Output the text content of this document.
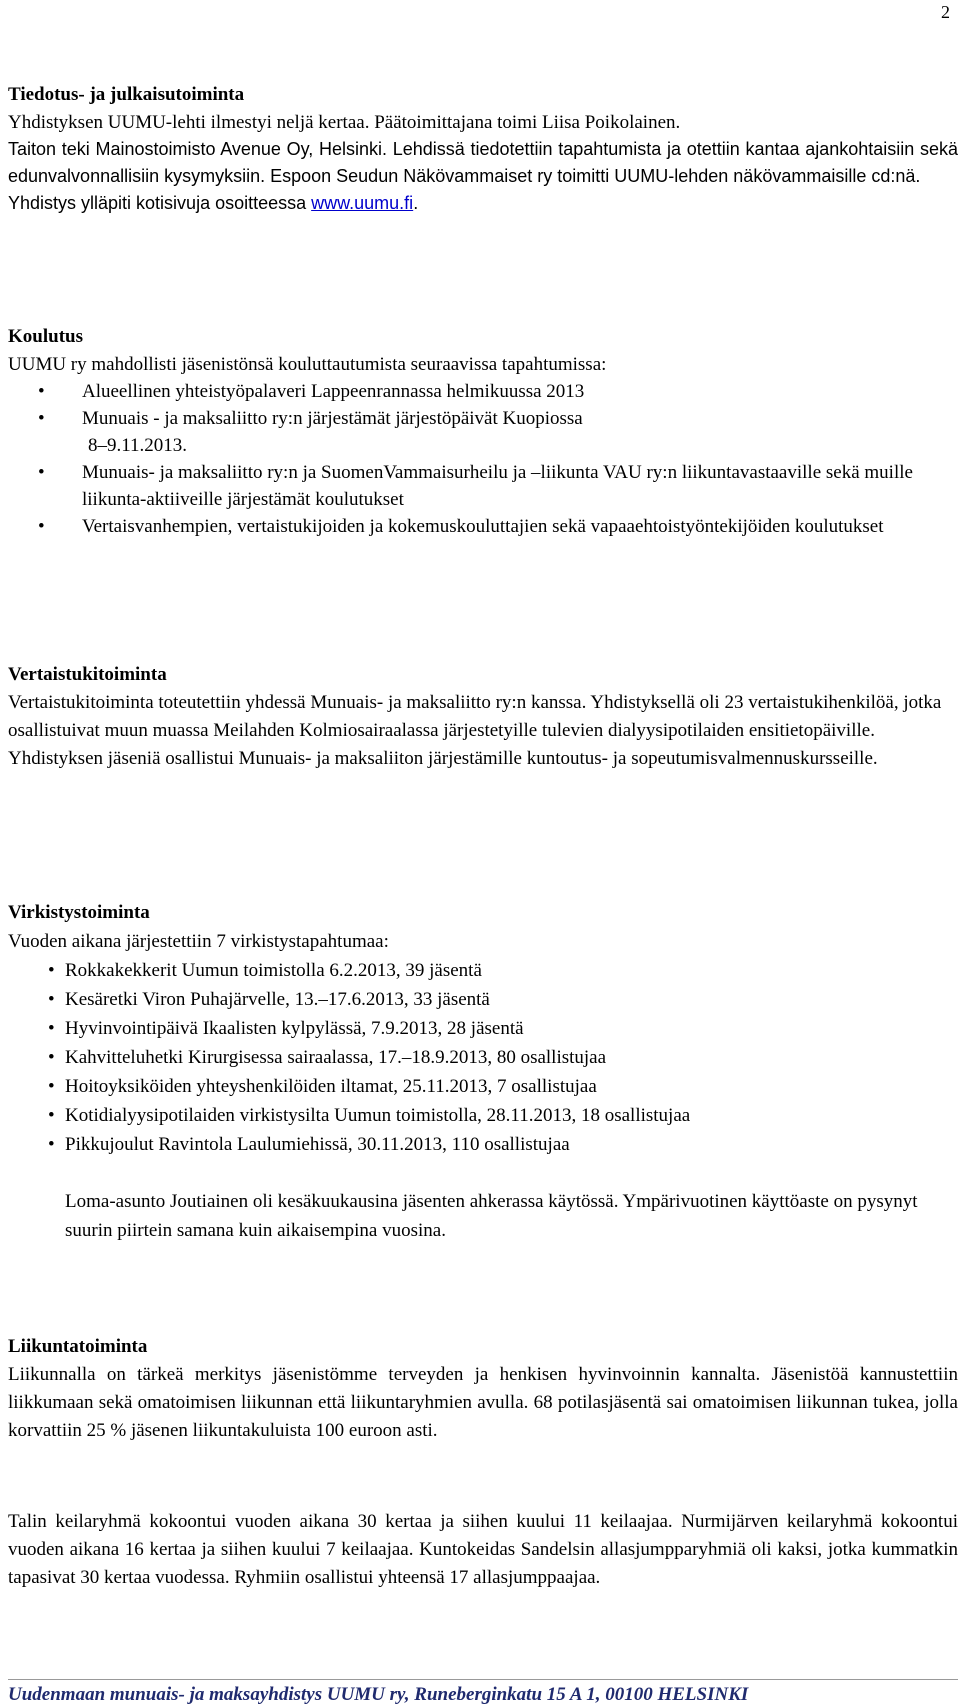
2
Tiedotus- ja julkaisutoiminta

Yhdistyksen UUMU-lehti ilmestyi neljä kertaa. Päätoimittajana toimi Liisa Poikolainen.

Taiton teki Mainostoimisto Avenue Oy, Helsinki. Lehdissä tiedotettiin tapahtumista ja otettiin kantaa ajankohtaisiin sekä edunvalvonnallisiin kysymyksiin. Espoon Seudun Näkövammaiset ry toimitti UUMU-lehden näkövammaisille cd:nä.

Yhdistys ylläpiti kotisivuja osoitteessa www.uumu.fi.

Koulutus

UUMU ry mahdollisti jäsenistönsä kouluttautumista seuraavissa tapahtumissa:

• Alueellinen yhteistyöpalaveri Lappeenrannassa helmikuussa 2013
• Munuais - ja maksaliitto ry:n järjestämät järjestöpäivät Kuopiossa
8–9.11.2013.
• Munuais- ja maksaliitto ry:n ja SuomenVammaisurheilu ja –liikunta VAU ry:n liikuntavastaaville sekä muille liikunta-aktiiveille järjestämät koulutukset
• Vertaisvanhempien, vertaistukijoiden ja kokemuskouluttajien sekä vapaaehtoistyöntekijöiden koulutukset
Vertaistukitoiminta

Vertaistukitoiminta toteutettiin yhdessä Munuais- ja maksaliitto ry:n kanssa. Yhdistyksellä oli 23 vertaistukihenkilöä, jotka osallistuivat muun muassa Meilahden Kolmiosairaalassa järjestetyille tulevien dialyysipotilaiden ensitietopäiville.

Yhdistyksen jäseniä osallistui Munuais- ja maksaliiton järjestämille kuntoutus- ja sopeutumisvalmennuskursseille.

Virkistystoiminta

Vuoden aikana järjestettiin 7 virkistystapahtumaa:

• Rokkakekkerit Uumun toimistolla 6.2.2013, 39 jäsentä
• Kesäretki Viron Puhajärvelle, 13.–17.6.2013, 33 jäsentä
• Hyvinvointipäivä Ikaalisten kylpylässä, 7.9.2013, 28 jäsentä
• Kahvitteluhetki Kirurgisessa sairaalassa, 17.–18.9.2013, 80 osallistujaa
• Hoitoyksiköiden yhteyshenkilöiden iltamat, 25.11.2013, 7 osallistujaa
• Kotidialyysipotilaiden virkistysilta Uumun toimistolla, 28.11.2013, 18 osallistujaa
• Pikkujoulut Ravintola Laulumiehissä, 30.11.2013, 110 osallistujaa

Loma-asunto Joutiainen oli kesäkuukausina jäsenten ahkerassa käytössä. Ympärivuotinen käyttöaste on pysynyt suurin piirtein samana kuin aikaisempina vuosina.

Liikuntatoiminta

Liikunnalla on tärkeä merkitys jäsenistömme terveyden ja henkisen hyvinvoinnin kannalta. Jäsenistöä kannustettiin liikkumaan sekä omatoimisen liikunnan että liikuntaryhmien avulla. 68 potilasjäsentä sai omatoimisen liikunnan tukea, jolla korvattiin 25 % jäsenen liikuntakuluista 100 euroon asti.

Talin keilaryhmä kokoontui vuoden aikana 30 kertaa ja siihen kuului 11 keilaajaa. Nurmijärven keilaryhmä kokoontui vuoden aikana 16 kertaa ja siihen kuului 7 keilaajaa. Kuntokeidas Sandelsin allasjumpparyhmiä oli kaksi, jotka kummatkin tapasivat 30 kertaa vuodessa. Ryhmiin osallistui yhteensä 17 allasjumppaajaa.

Uudenmaan munuais- ja maksayhdistys UUMU ry, Runeberginkatu 15 A 1, 00100 HELSINKI
